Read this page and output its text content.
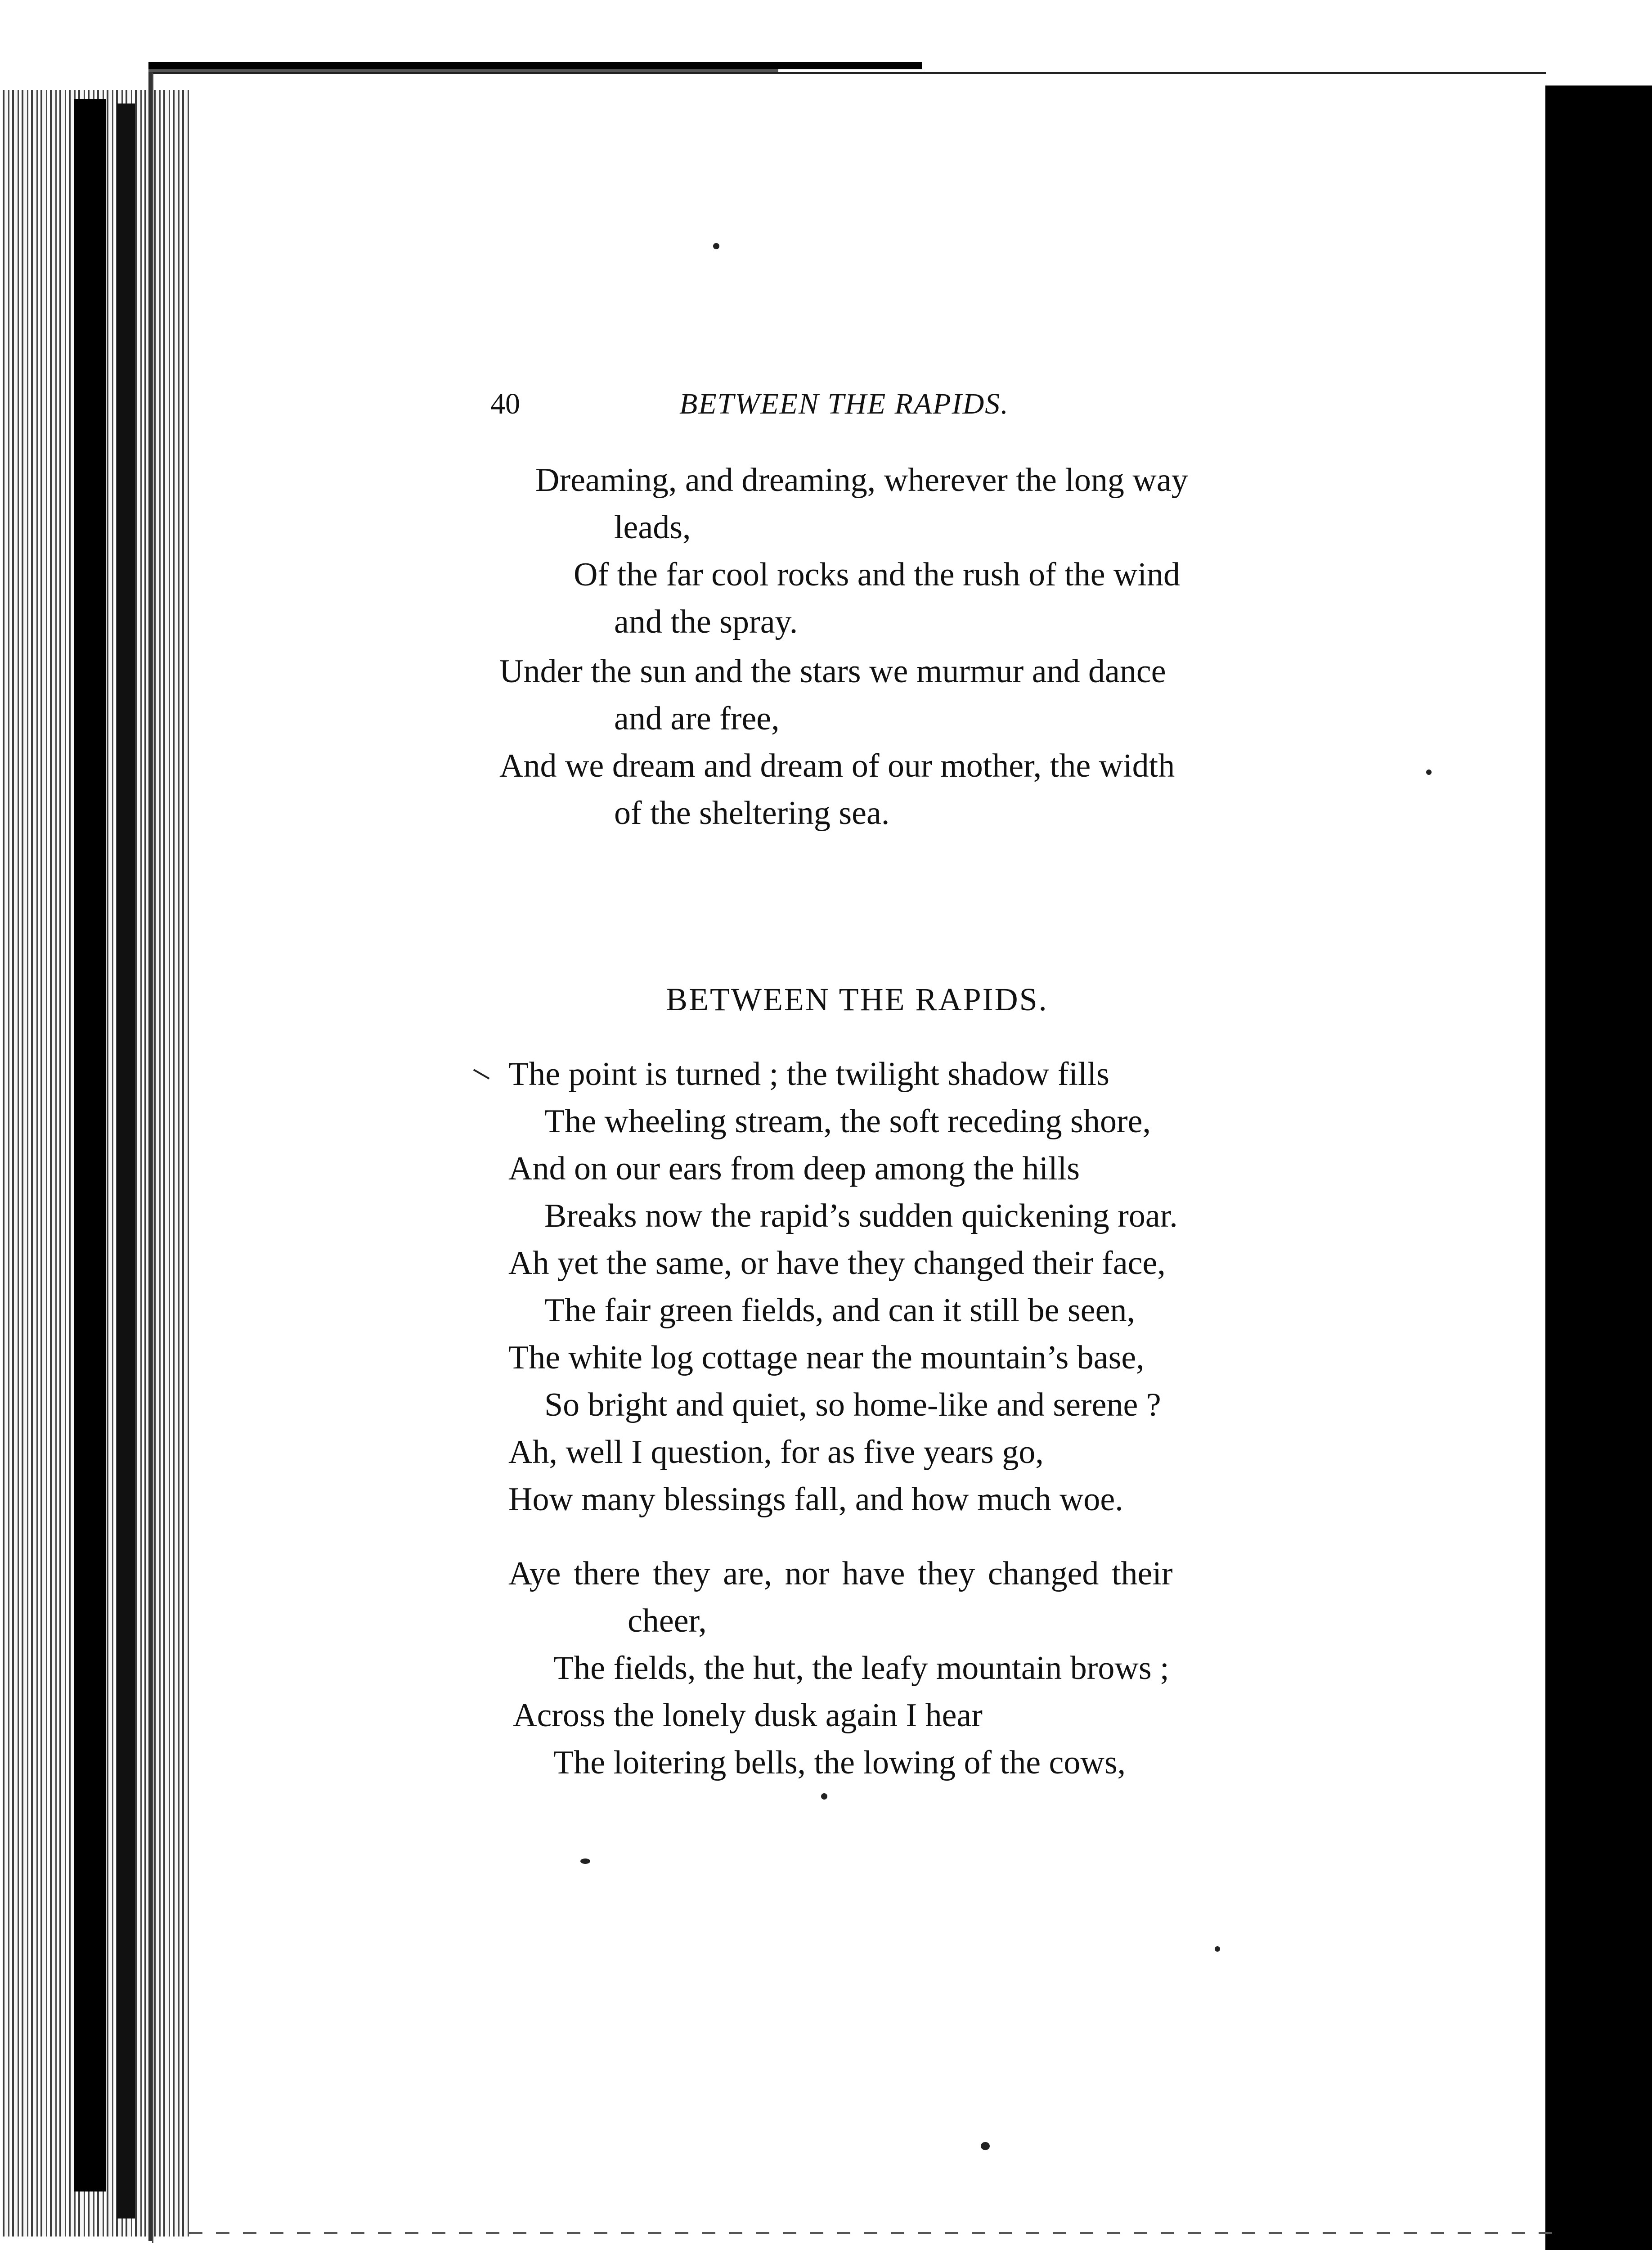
40	BETWEEN THE RAPIDS.
Dreaming, and dreaming, wherever the long way
leads,
Of the far cool rocks and the rush of the wind
and the spray.
Under the sun and the stars we murmur and dance
and are free,
And we dream and dream of our mother, the width
of the sheltering sea.
BETWEEN THE RAPIDS.
The point is turned ; the twilight shadow fills
The wheeling stream, the soft receding shore,
And on our ears from deep among the hills
Breaks now the rapid’s sudden quickening roar.
Ah yet the same, or have they changed their face,
The fair green fields, and can it still be seen,
The white log cottage near the mountain’s base,
So bright and quiet, so home-like and serene ?
Ah, well I question, for as five years go,
How many blessings fall, and how much woe.
Aye there they are, nor have they changed their
cheer,
The fields, the hut, the leafy mountain brows ;
Across the lonely dusk again I hear
The loitering bells, the lowing of the cows,
